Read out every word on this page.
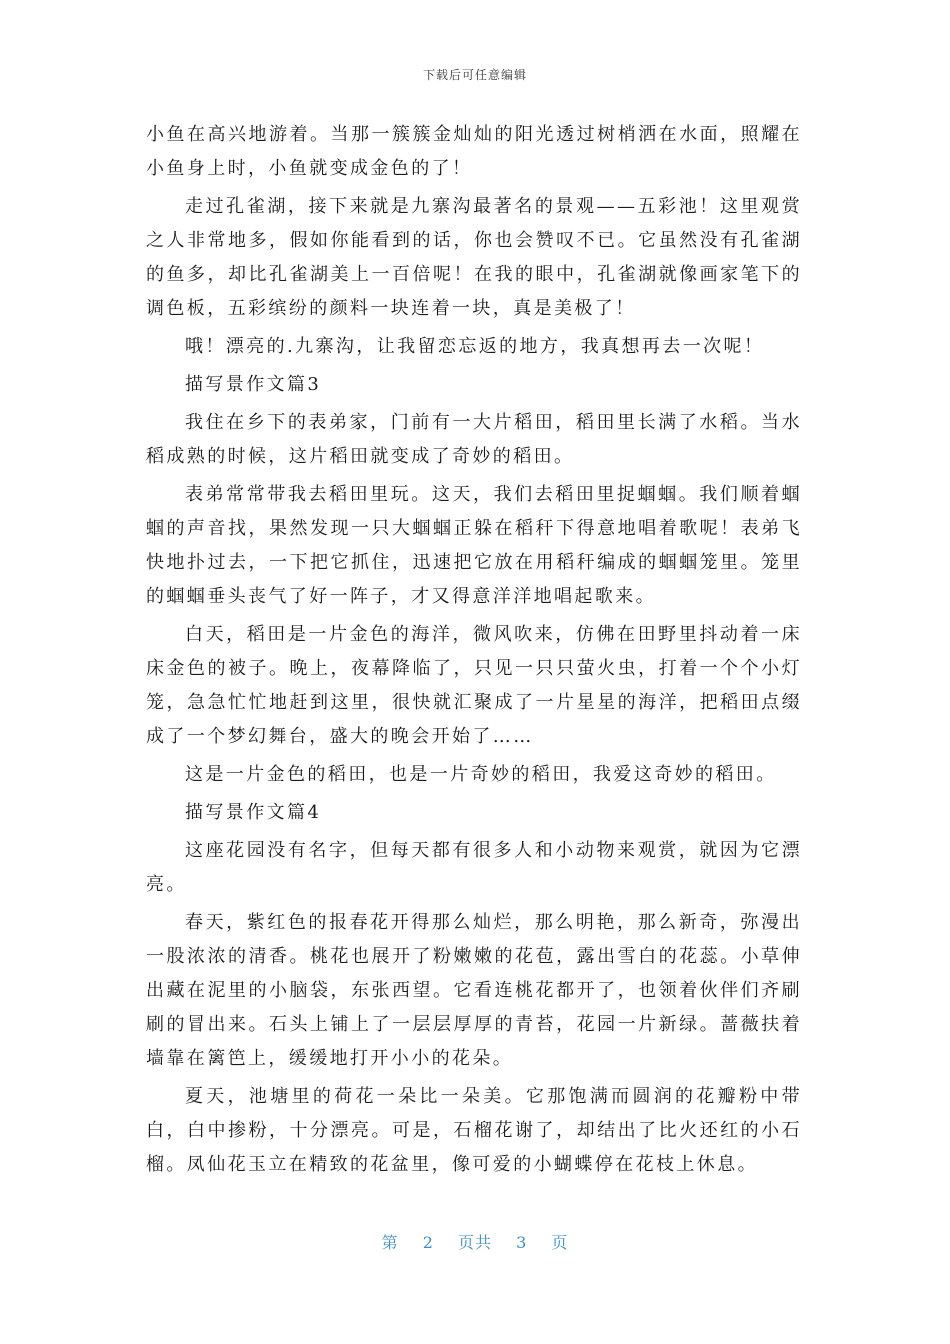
下载后可任意编辑

小鱼在高兴地游着。当那一簇簇金灿灿的阳光透过树梢洒在水面，照耀在小鱼身上时，小鱼就变成金色的了！

走过孔雀湖，接下来就是九寨沟最著名的景观——五彩池！这里观赏之人非常地多，假如你能看到的话，你也会赞叹不已。它虽然没有孔雀湖的鱼多，却比孔雀湖美上一百倍呢！在我的眼中，孔雀湖就像画家笔下的调色板，五彩缤纷的颜料一块连着一块，真是美极了！

哦！漂亮的.九寨沟，让我留恋忘返的地方，我真想再去一次呢！

描写景作文篇3

我住在乡下的表弟家，门前有一大片稻田，稻田里长满了水稻。当水稻成熟的时候，这片稻田就变成了奇妙的稻田。

表弟常常带我去稻田里玩。这天，我们去稻田里捉蝈蝈。我们顺着蝈蝈的声音找，果然发现一只大蝈蝈正躲在稻秆下得意地唱着歌呢！表弟飞快地扑过去，一下把它抓住，迅速把它放在用稻秆编成的蝈蝈笼里。笼里的蝈蝈垂头丧气了好一阵子，才又得意洋洋地唱起歌来。

白天，稻田是一片金色的海洋，微风吹来，仿佛在田野里抖动着一床床金色的被子。晚上，夜幕降临了，只见一只只萤火虫，打着一个个小灯笼，急急忙忙地赶到这里，很快就汇聚成了一片星星的海洋，把稻田点缀成了一个梦幻舞台，盛大的晚会开始了……

这是一片金色的稻田，也是一片奇妙的稻田，我爱这奇妙的稻田。

描写景作文篇4

这座花园没有名字，但每天都有很多人和小动物来观赏，就因为它漂亮。

春天，紫红色的报春花开得那么灿烂，那么明艳，那么新奇，弥漫出一股浓浓的清香。桃花也展开了粉嫩嫩的花苞，露出雪白的花蕊。小草伸出藏在泥里的小脑袋，东张西望。它看连桃花都开了，也领着伙伴们齐刷刷的冒出来。石头上铺上了一层层厚厚的青苔，花园一片新绿。蔷薇扶着墙靠在篱笆上，缓缓地打开小小的花朵。

夏天，池塘里的荷花一朵比一朵美。它那饱满而圆润的花瓣粉中带白，白中掺粉，十分漂亮。可是，石榴花谢了，却结出了比火还红的小石榴。凤仙花玉立在精致的花盆里，像可爱的小蝴蝶停在花枝上休息。

第 2 页共 3 页
